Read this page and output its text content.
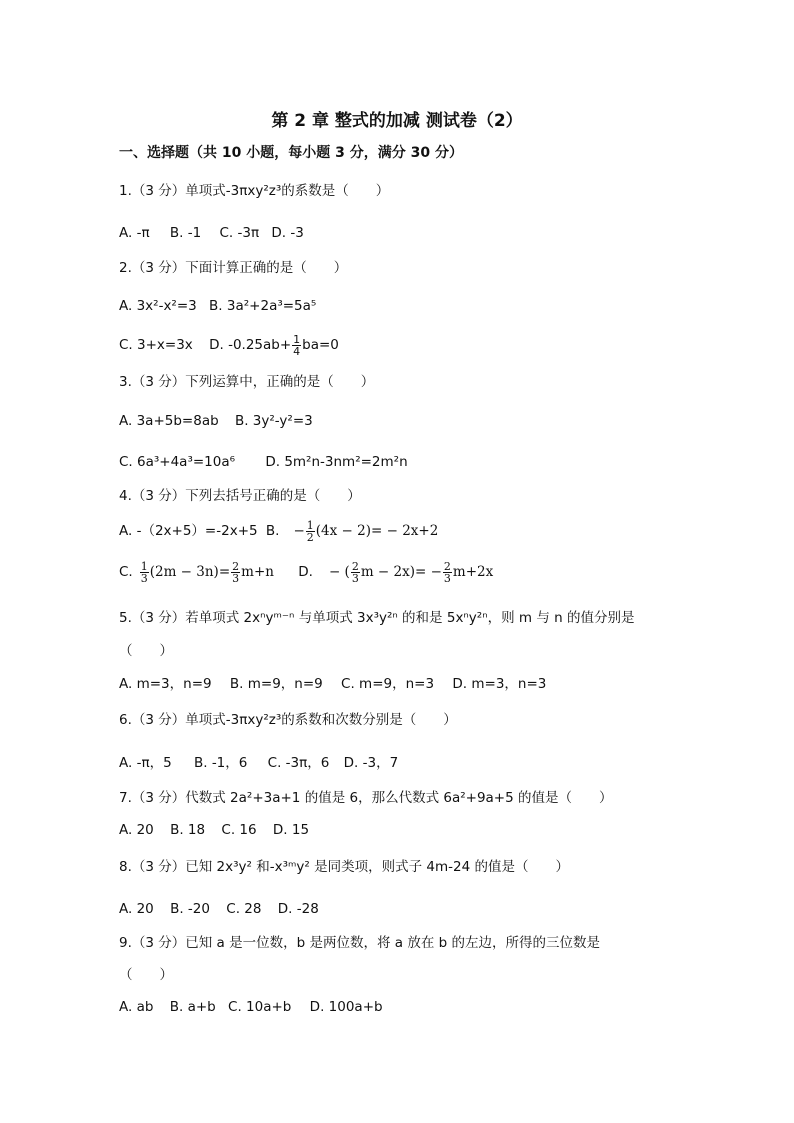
第 2 章 整式的加减 测试卷（2）
一、选择题（共 10 小题，每小题 3 分，满分 30 分）
1.（3 分）单项式-3πxy²z³的系数是（　　）
A. -π B. -1 C. -3π D. -3
2.（3 分）下面计算正确的是（　　）
A. 3x²-x²=3 B. 3a²+2a³=5a⁵
C. 3+x=3x D. $-0.25ab+ \frac{1}{4} ba=0$
3.（3 分）下列运算中，正确的是（　　）
A. 3a+5b=8ab B. 3y²-y²=3
C. 6a³+4a³=10a⁶ D. 5m²n-3nm²=2m²n
4.（3 分）下列去括号正确的是（　　）
A. -（2x+5）=-2x+5 B. − $\frac{1}{2} (4x - 2)= - 2x+2$
C. $\frac{1}{3} (2m - 3n)= \frac{2}{3} m+n$ D. − ( $\frac{2}{3}$ $m - 2x)= - \frac{2}{3} m+2x$
5.（3 分）若单项式 2xⁿyᵐ⁻ⁿ 与单项式 3x³y²ⁿ 的和是 5xⁿy²ⁿ，则 m 与 n 的值分别是
（　　）
A. m=3，n=9 B. m=9，n=9 C. m=9，n=3 D. m=3，n=3
6.（3 分）单项式-3πxy²z³的系数和次数分别是（　　）
A. -π，5 B. -1，6 C. -3π，6 D. -3，7
7.（3 分）代数式 2a²+3a+1 的值是 6，那么代数式 6a²+9a+5 的值是（　　）
A. 20 B. 18 C. 16 D. 15
8.（3 分）已知 2x³y² 和-x³ᵐy² 是同类项，则式子 4m-24 的值是（　　）
A. 20 B. -20 C. 28 D. -28
9.（3 分）已知 a 是一位数，b 是两位数，将 a 放在 b 的左边，所得的三位数是
（　　）
A. ab B. a+b C. 10a+b D. 100a+b
